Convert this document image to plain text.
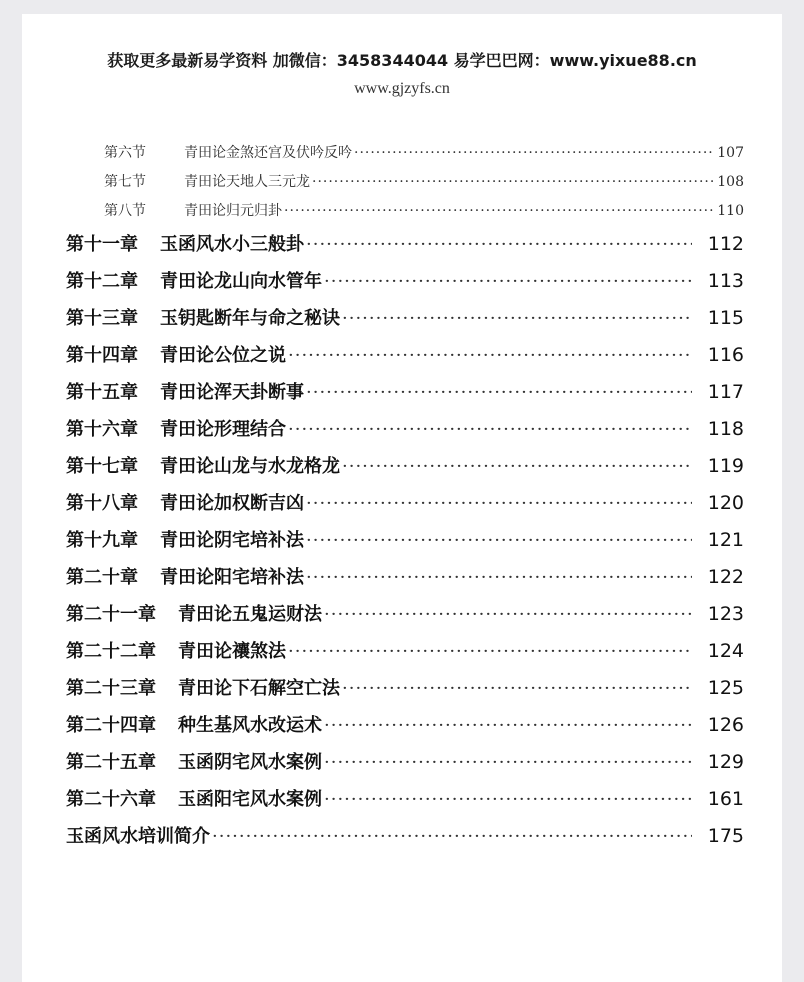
获取更多最新易学资料 加微信：3458344044 易学巴巴网：www.yixue88.cn
www.gjzyfs.cn
第六节	青田论金煞还宫及伏吟反吟 ·····	107
第七节	青田论天地人三元龙 ·····	108
第八节	青田论归元归卦 ·····	110
第十一章 玉函风水小三般卦 ·····	112
第十二章 青田论龙山向水管年 ·····	113
第十三章 玉钥匙断年与命之秘诀 ·····	115
第十四章 青田论公位之说 ·····	116
第十五章 青田论浑天卦断事 ·····	117
第十六章 青田论形理结合 ·····	118
第十七章 青田论山龙与水龙格龙 ·····	119
第十八章 青田论加权断吉凶 ·····	120
第十九章 青田论阴宅培补法 ·····	121
第二十章 青田论阳宅培补法 ·····	122
第二十一章 青田论五鬼运财法 ·····	123
第二十二章 青田论禳煞法 ·····	124
第二十三章 青田论下石解空亡法 ·····	125
第二十四章 种生基风水改运术 ·····	126
第二十五章 玉函阴宅风水案例 ·····	129
第二十六章 玉函阳宅风水案例 ·····	161
玉函风水培训简介 ·····	175
